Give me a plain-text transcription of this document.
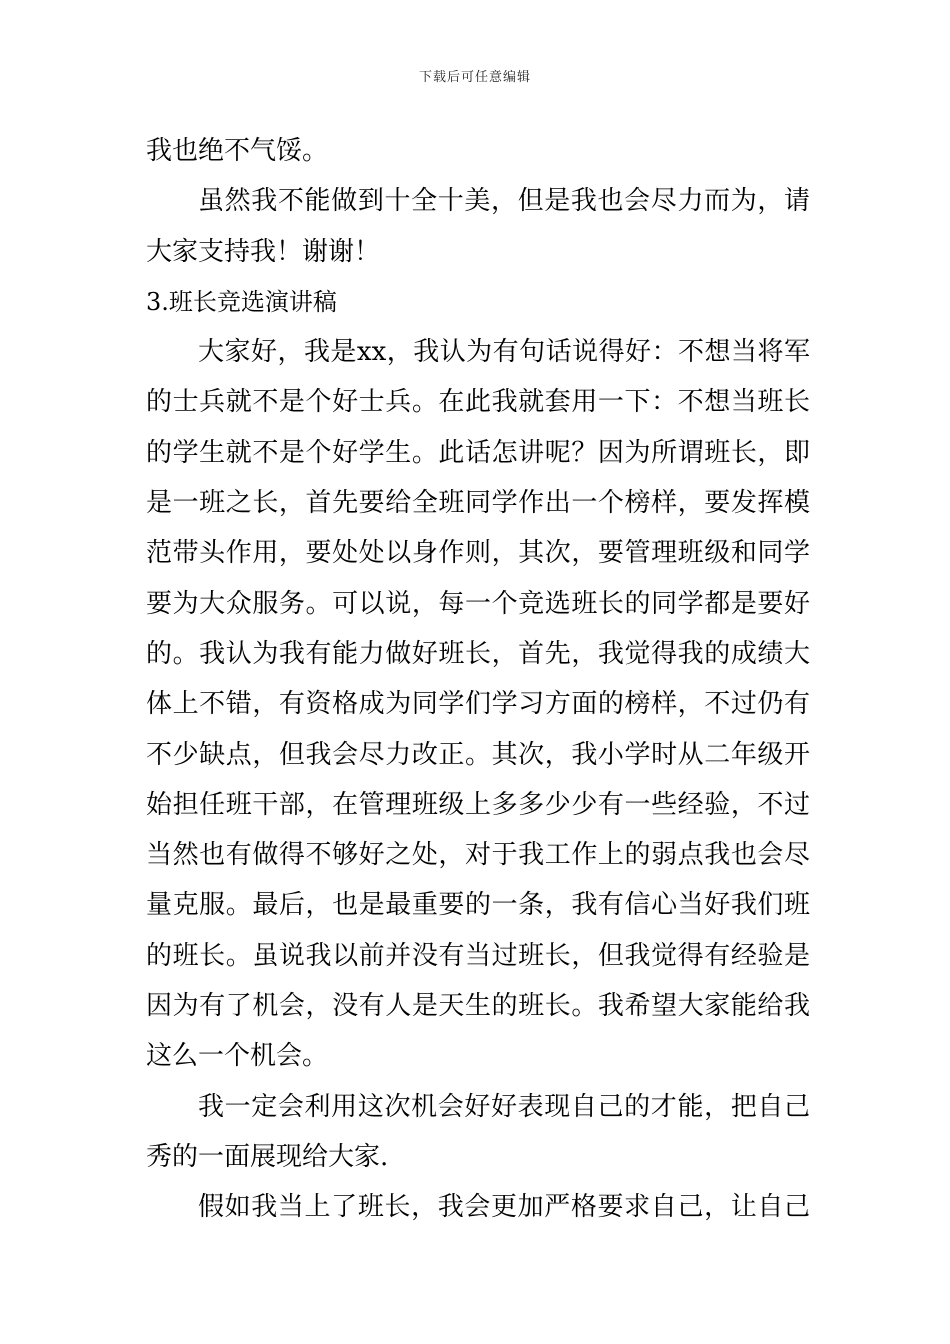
下载后可任意编辑
我也绝不气馁。
虽然我不能做到十全十美，但是我也会尽力而为，请
大家支持我！谢谢！
3.班长竞选演讲稿
大家好，我是xx，我认为有句话说得好：不想当将军
的士兵就不是个好士兵。在此我就套用一下：不想当班长
的学生就不是个好学生。此话怎讲呢？因为所谓班长，即
是一班之长，首先要给全班同学作出一个榜样，要发挥模
范带头作用，要处处以身作则，其次，要管理班级和同学
要为大众服务。可以说，每一个竞选班长的同学都是要好
的。我认为我有能力做好班长，首先，我觉得我的成绩大
体上不错，有资格成为同学们学习方面的榜样，不过仍有
不少缺点，但我会尽力改正。其次，我小学时从二年级开
始担任班干部，在管理班级上多多少少有一些经验，不过
当然也有做得不够好之处，对于我工作上的弱点我也会尽
量克服。最后，也是最重要的一条，我有信心当好我们班
的班长。虽说我以前并没有当过班长，但我觉得有经验是
因为有了机会，没有人是天生的班长。我希望大家能给我
这么一个机会。
我一定会利用这次机会好好表现自己的才能，把自己
秀的一面展现给大家.
假如我当上了班长，我会更加严格要求自己，让自己
